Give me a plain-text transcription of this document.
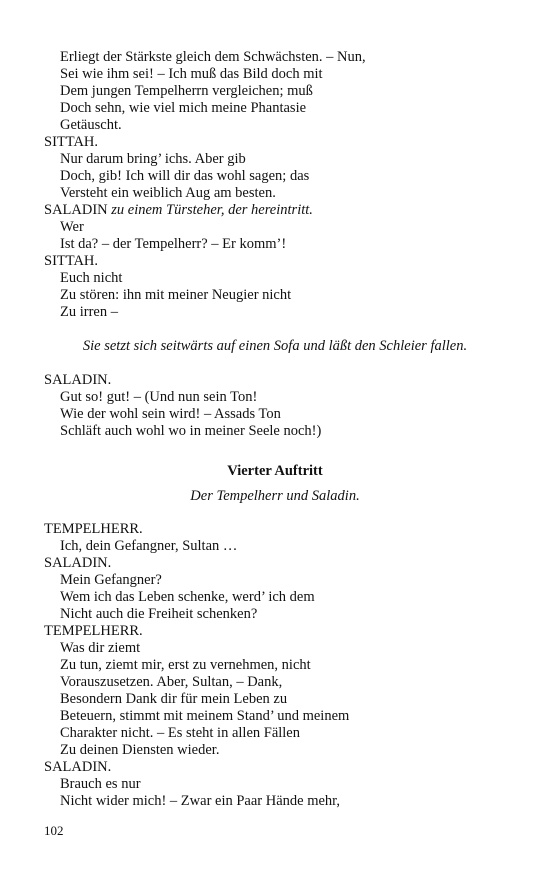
Erliegt der Stärkste gleich dem Schwächsten. – Nun,
Sei wie ihm sei! – Ich muß das Bild doch mit
Dem jungen Tempelherrn vergleichen; muß
Doch sehn, wie viel mich meine Phantasie
Getäuscht.
SITTAH.
Nur darum bring’ ichs. Aber gib
Doch, gib! Ich will dir das wohl sagen; das
Versteht ein weiblich Aug am besten.
SALADIN zu einem Türsteher, der hereintritt.
Wer
Ist da? – der Tempelherr? – Er komm’!
SITTAH.
Euch nicht
Zu stören: ihn mit meiner Neugier nicht
Zu irren –
Sie setzt sich seitwärts auf einen Sofa und läßt den Schleier fallen.
SALADIN.
Gut so! gut! – (Und nun sein Ton!
Wie der wohl sein wird! – Assads Ton
Schläft auch wohl wo in meiner Seele noch!)
Vierter Auftritt
Der Tempelherr und Saladin.
TEMPELHERR.
Ich, dein Gefangner, Sultan …
SALADIN.
Mein Gefangner?
Wem ich das Leben schenke, werd’ ich dem
Nicht auch die Freiheit schenken?
TEMPELHERR.
Was dir ziemt
Zu tun, ziemt mir, erst zu vernehmen, nicht
Vorauszusetzen. Aber, Sultan, – Dank,
Besondern Dank dir für mein Leben zu
Beteuern, stimmt mit meinem Stand’ und meinem
Charakter nicht. – Es steht in allen Fällen
Zu deinen Diensten wieder.
SALADIN.
Brauch es nur
Nicht wider mich! – Zwar ein Paar Hände mehr,
102
